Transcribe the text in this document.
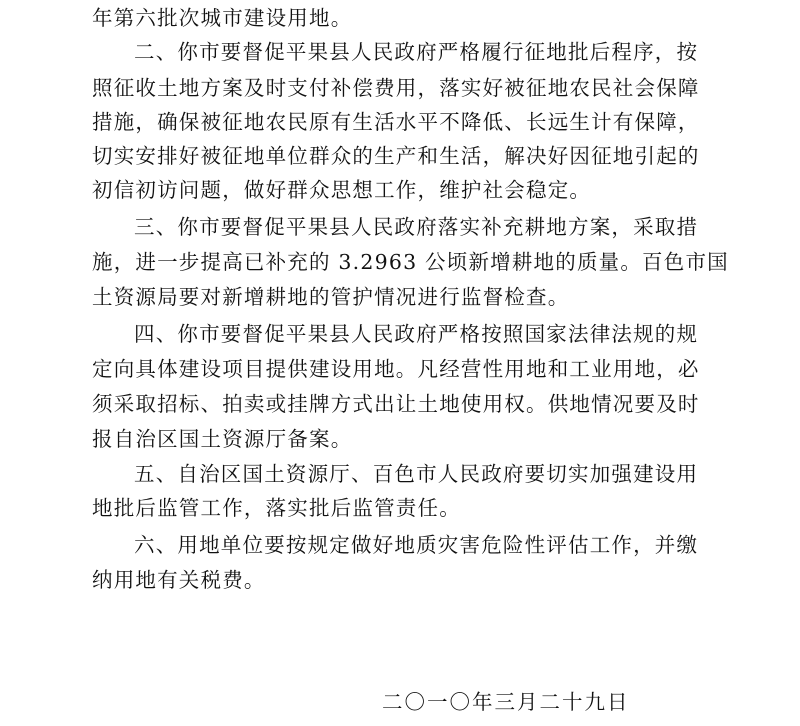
年第六批次城市建设用地。
二、你市要督促平果县人民政府严格履行征地批后程序，按
照征收土地方案及时支付补偿费用，落实好被征地农民社会保障
措施，确保被征地农民原有生活水平不降低、长远生计有保障，
切实安排好被征地单位群众的生产和生活，解决好因征地引起的
初信初访问题，做好群众思想工作，维护社会稳定。
三、你市要督促平果县人民政府落实补充耕地方案，采取措
施，进一步提高已补充的 3.2963 公顷新增耕地的质量。百色市国
土资源局要对新增耕地的管护情况进行监督检查。
四、你市要督促平果县人民政府严格按照国家法律法规的规
定向具体建设项目提供建设用地。凡经营性用地和工业用地，必
须采取招标、拍卖或挂牌方式出让土地使用权。供地情况要及时
报自治区国土资源厅备案。
五、自治区国土资源厅、百色市人民政府要切实加强建设用
地批后监管工作，落实批后监管责任。
六、用地单位要按规定做好地质灾害危险性评估工作，并缴
纳用地有关税费。
二〇一〇年三月二十九日
